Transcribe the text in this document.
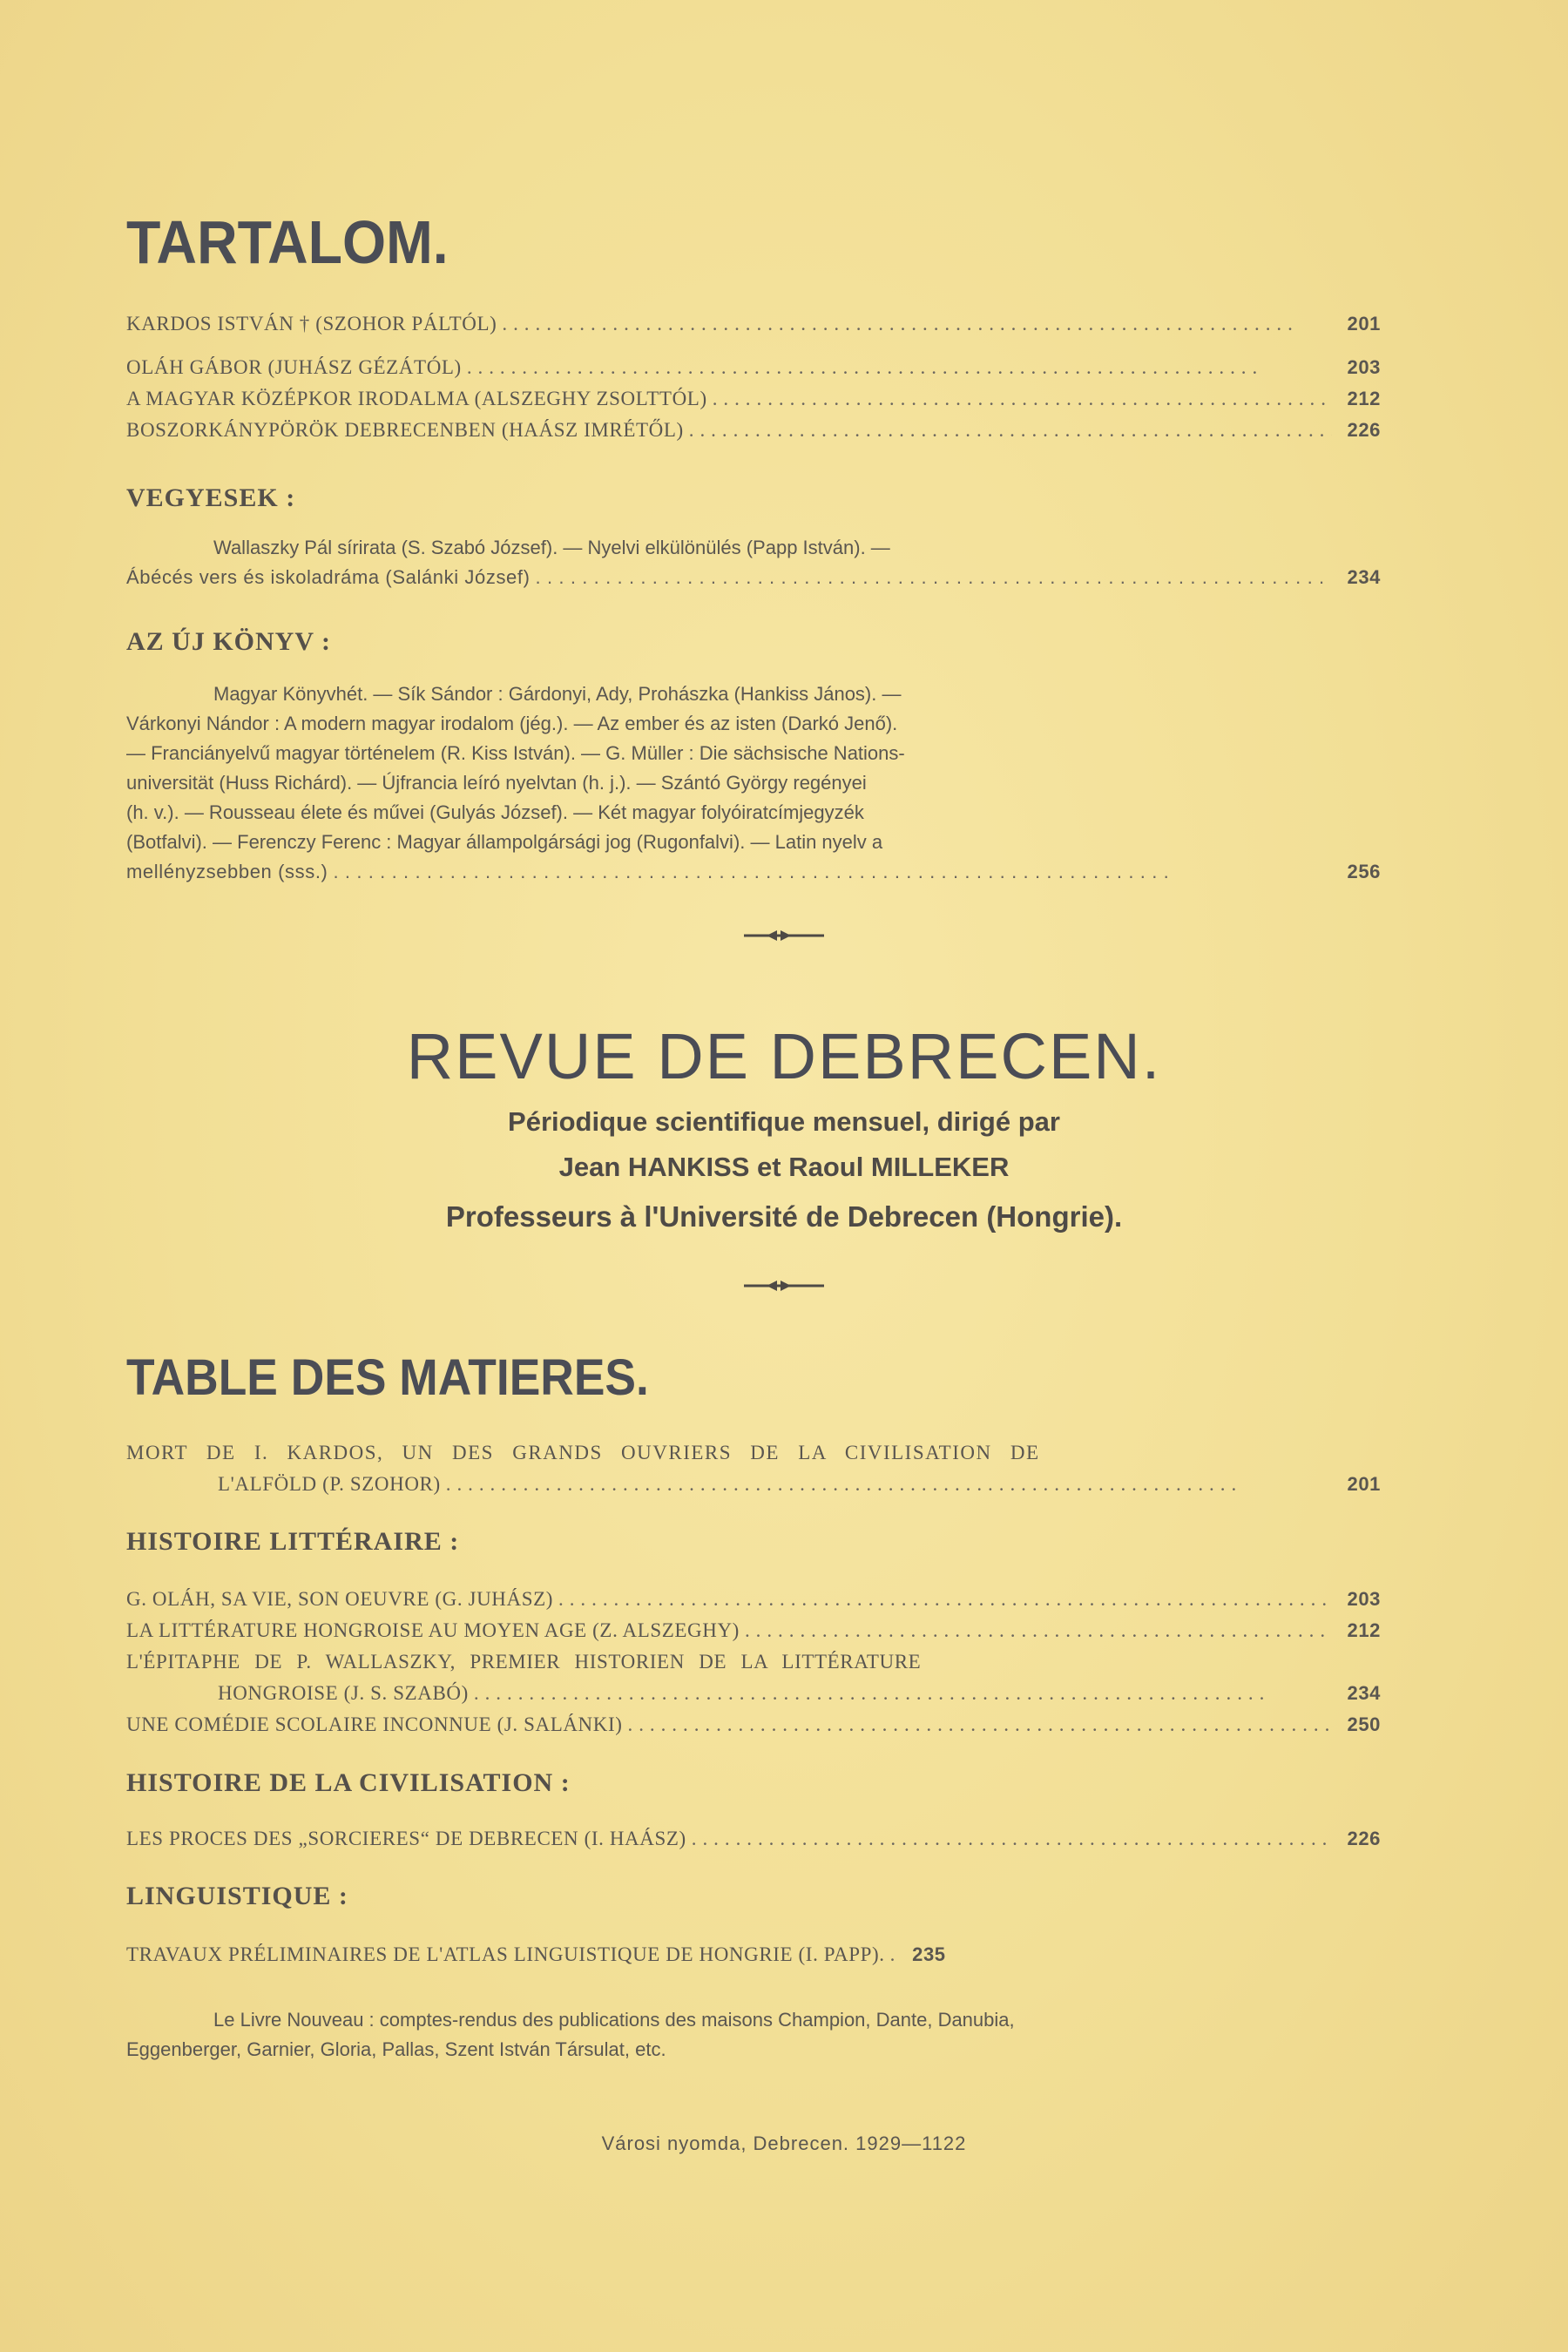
TARTALOM.
KARDOS ISTVÁN † (SZOHOR PÁLTÓL) . . .	201
OLÁH GÁBOR (JUHÁSZ GÉZÁTÓL) . . .	203
A MAGYAR KÖZÉPKOR IRODALMA (ALSZEGHY ZSOLTTÓL) . . .	212
BOSZORKÁNYPÖRÖK DEBRECENBEN (HAÁSZ IMRÉTŐL) . . .	226
VEGYESEK :
Wallaszky Pál sírirata (S. Szabó József). — Nyelvi elkülönülés (Papp István). —
Ábécés vers és iskoladráma (Salánki József) . . .	234
AZ ÚJ KÖNYV :
Magyar Könyvhét. — Sík Sándor : Gárdonyi, Ady, Prohászka (Hankiss János). —
Várkonyi Nándor : A modern magyar irodalom (jég.). — Az ember és az isten (Darkó Jenő).
— Franciányelvű magyar történelem (R. Kiss István). — G. Müller : Die sächsische Nations-
universität (Huss Richárd). — Újfrancia leíró nyelvtan (h. j.). — Szántó György regényei
(h. v.). — Rousseau élete és művei (Gulyás József). — Két magyar folyóiratcímjegyzék
(Botfalvi). — Ferenczy Ferenc : Magyar állampolgársági jog (Rugonfalvi). — Latin nyelv a
mellényzsebben (sss.) . . .	256
REVUE DE DEBRECEN.
Périodique scientifique mensuel, dirigé par
Jean HANKISS et Raoul MILLEKER
Professeurs à l'Université de Debrecen (Hongrie).
TABLE DES MATIERES.
MORT DE I. KARDOS, UN DES GRANDS OUVRIERS DE LA CIVILISATION DE
L'ALFÖLD (P. SZOHOR) . . .	201
HISTOIRE LITTÉRAIRE :
G. OLÁH, SA VIE, SON OEUVRE (G. JUHÁSZ) . . .	203
LA LITTÉRATURE HONGROISE AU MOYEN AGE (Z. ALSZEGHY) . . .	212
L'ÉPITAPHE DE P. WALLASZKY, PREMIER HISTORIEN DE LA LITTÉRATURE
HONGROISE (J. S. SZABÓ) . . .	234
UNE COMÉDIE SCOLAIRE INCONNUE (J. SALÁNKI) . . .	250
HISTOIRE DE LA CIVILISATION :
LES PROCES DES „SORCIERES“ DE DEBRECEN (I. HAÁSZ) . . .	226
LINGUISTIQUE :
TRAVAUX PRÉLIMINAIRES DE L'ATLAS LINGUISTIQUE DE HONGRIE (I. PAPP). . . .	235
Le Livre Nouveau : comptes-rendus des publications des maisons Champion, Dante, Danubia,
Eggenberger, Garnier, Gloria, Pallas, Szent István Társulat, etc.
Városi nyomda, Debrecen. 1929—1122
